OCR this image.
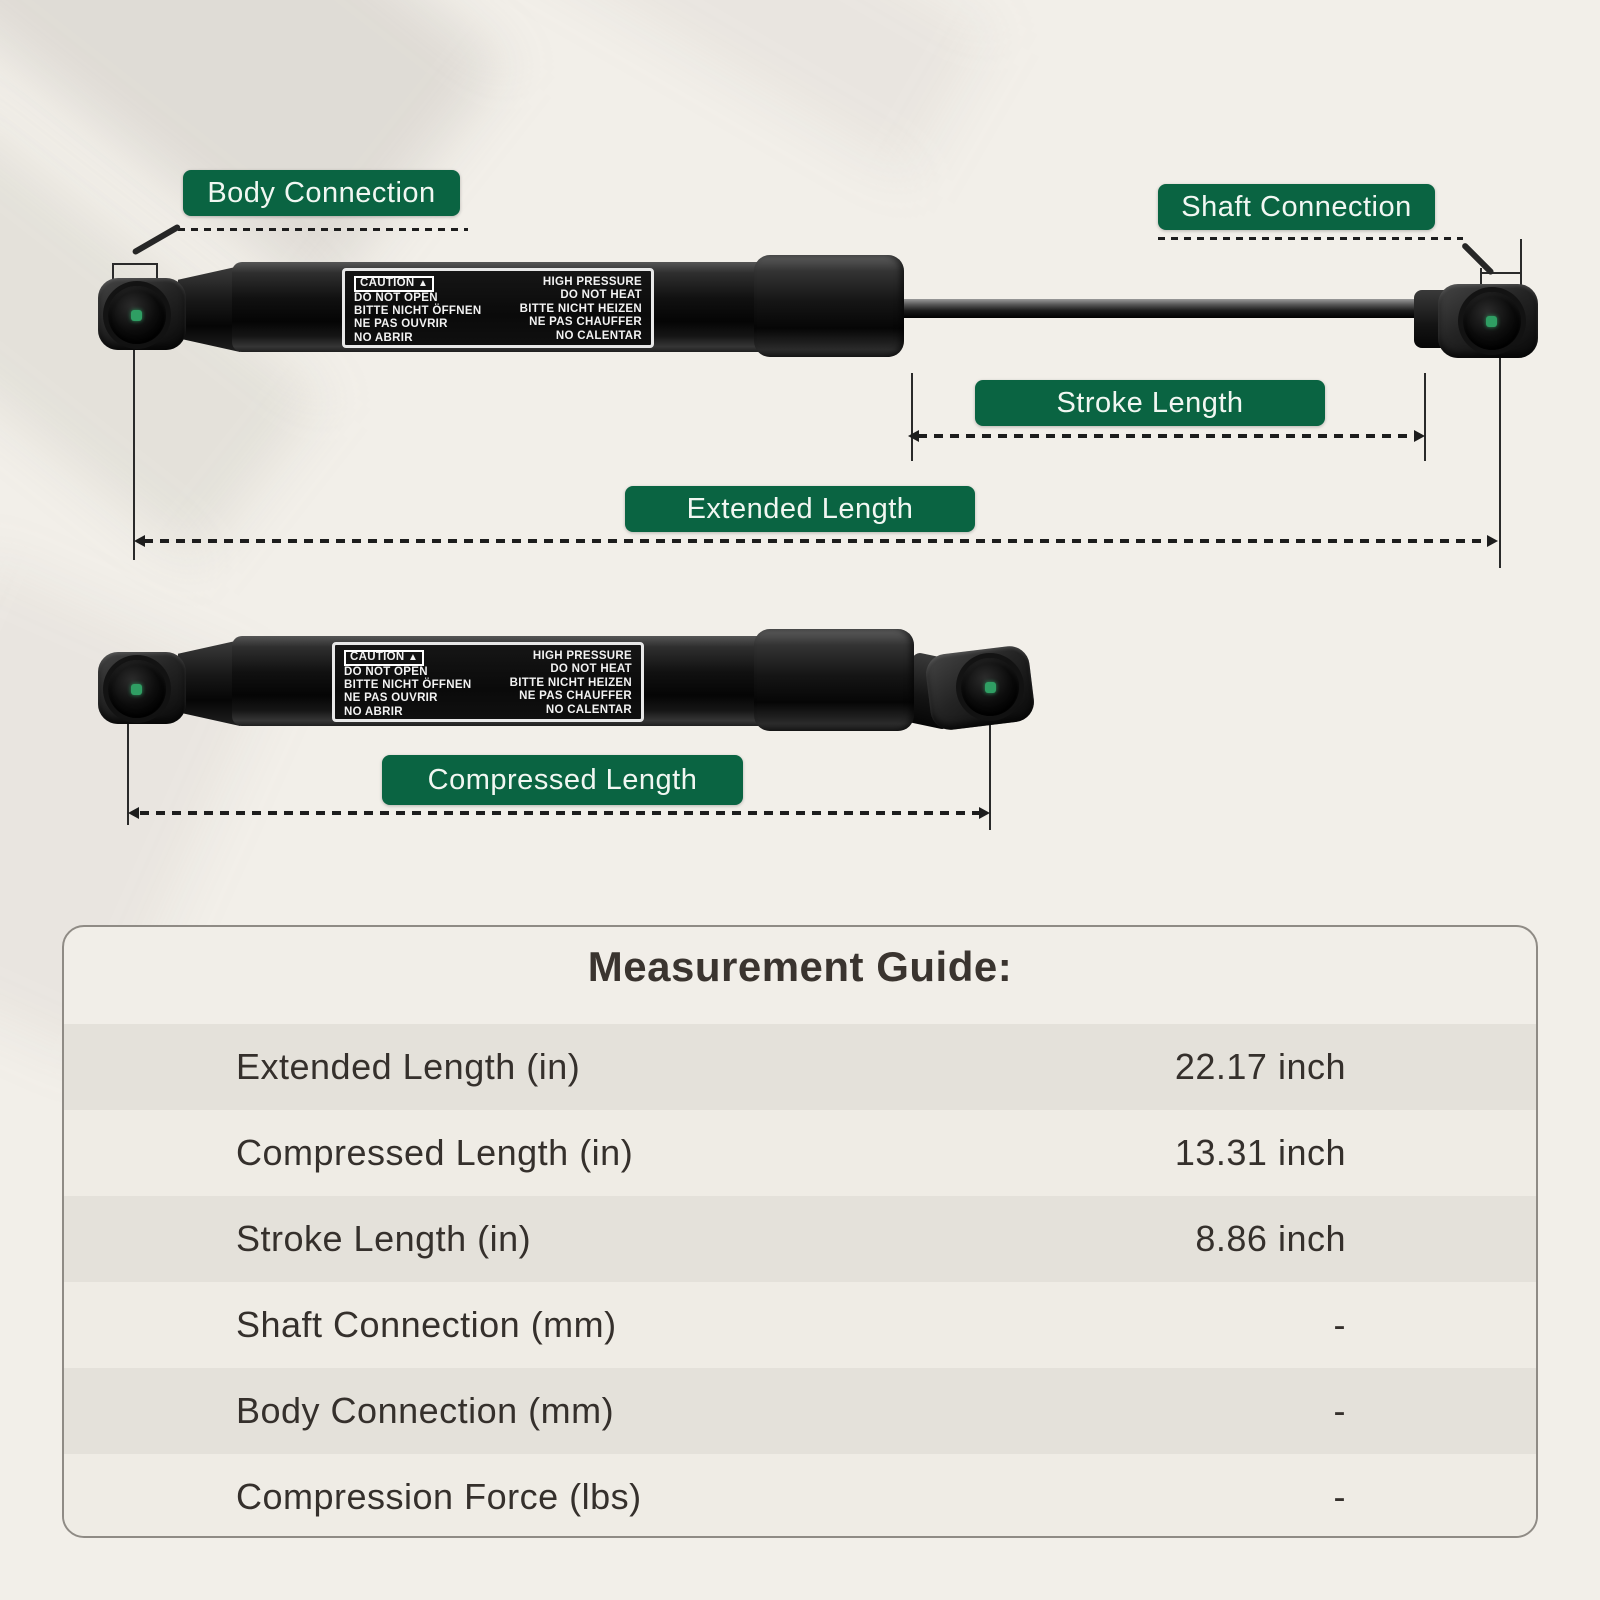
CAUTION ▲
DO NOT OPEN
BITTE NICHT ÖFFNEN
NE PAS OUVRIR
NO ABRIR
HIGH PRESSURE
DO NOT HEAT
BITTE NICHT HEIZEN
NE PAS CHAUFFER
NO CALENTAR
Body Connection	Shaft Connection
Stroke Length
Extended Length
CAUTION ▲
DO NOT OPEN
BITTE NICHT ÖFFNEN
NE PAS OUVRIR
NO ABRIR
HIGH PRESSURE
DO NOT HEAT
BITTE NICHT HEIZEN
NE PAS CHAUFFER
NO CALENTAR
Compressed Length
Measurement Guide:
Extended Length (in)	22.17 inch
Compressed Length (in)	13.31 inch
Stroke Length (in)	8.86 inch
Shaft Connection (mm)	-
Body Connection (mm)	-
Compression Force (lbs)	-
